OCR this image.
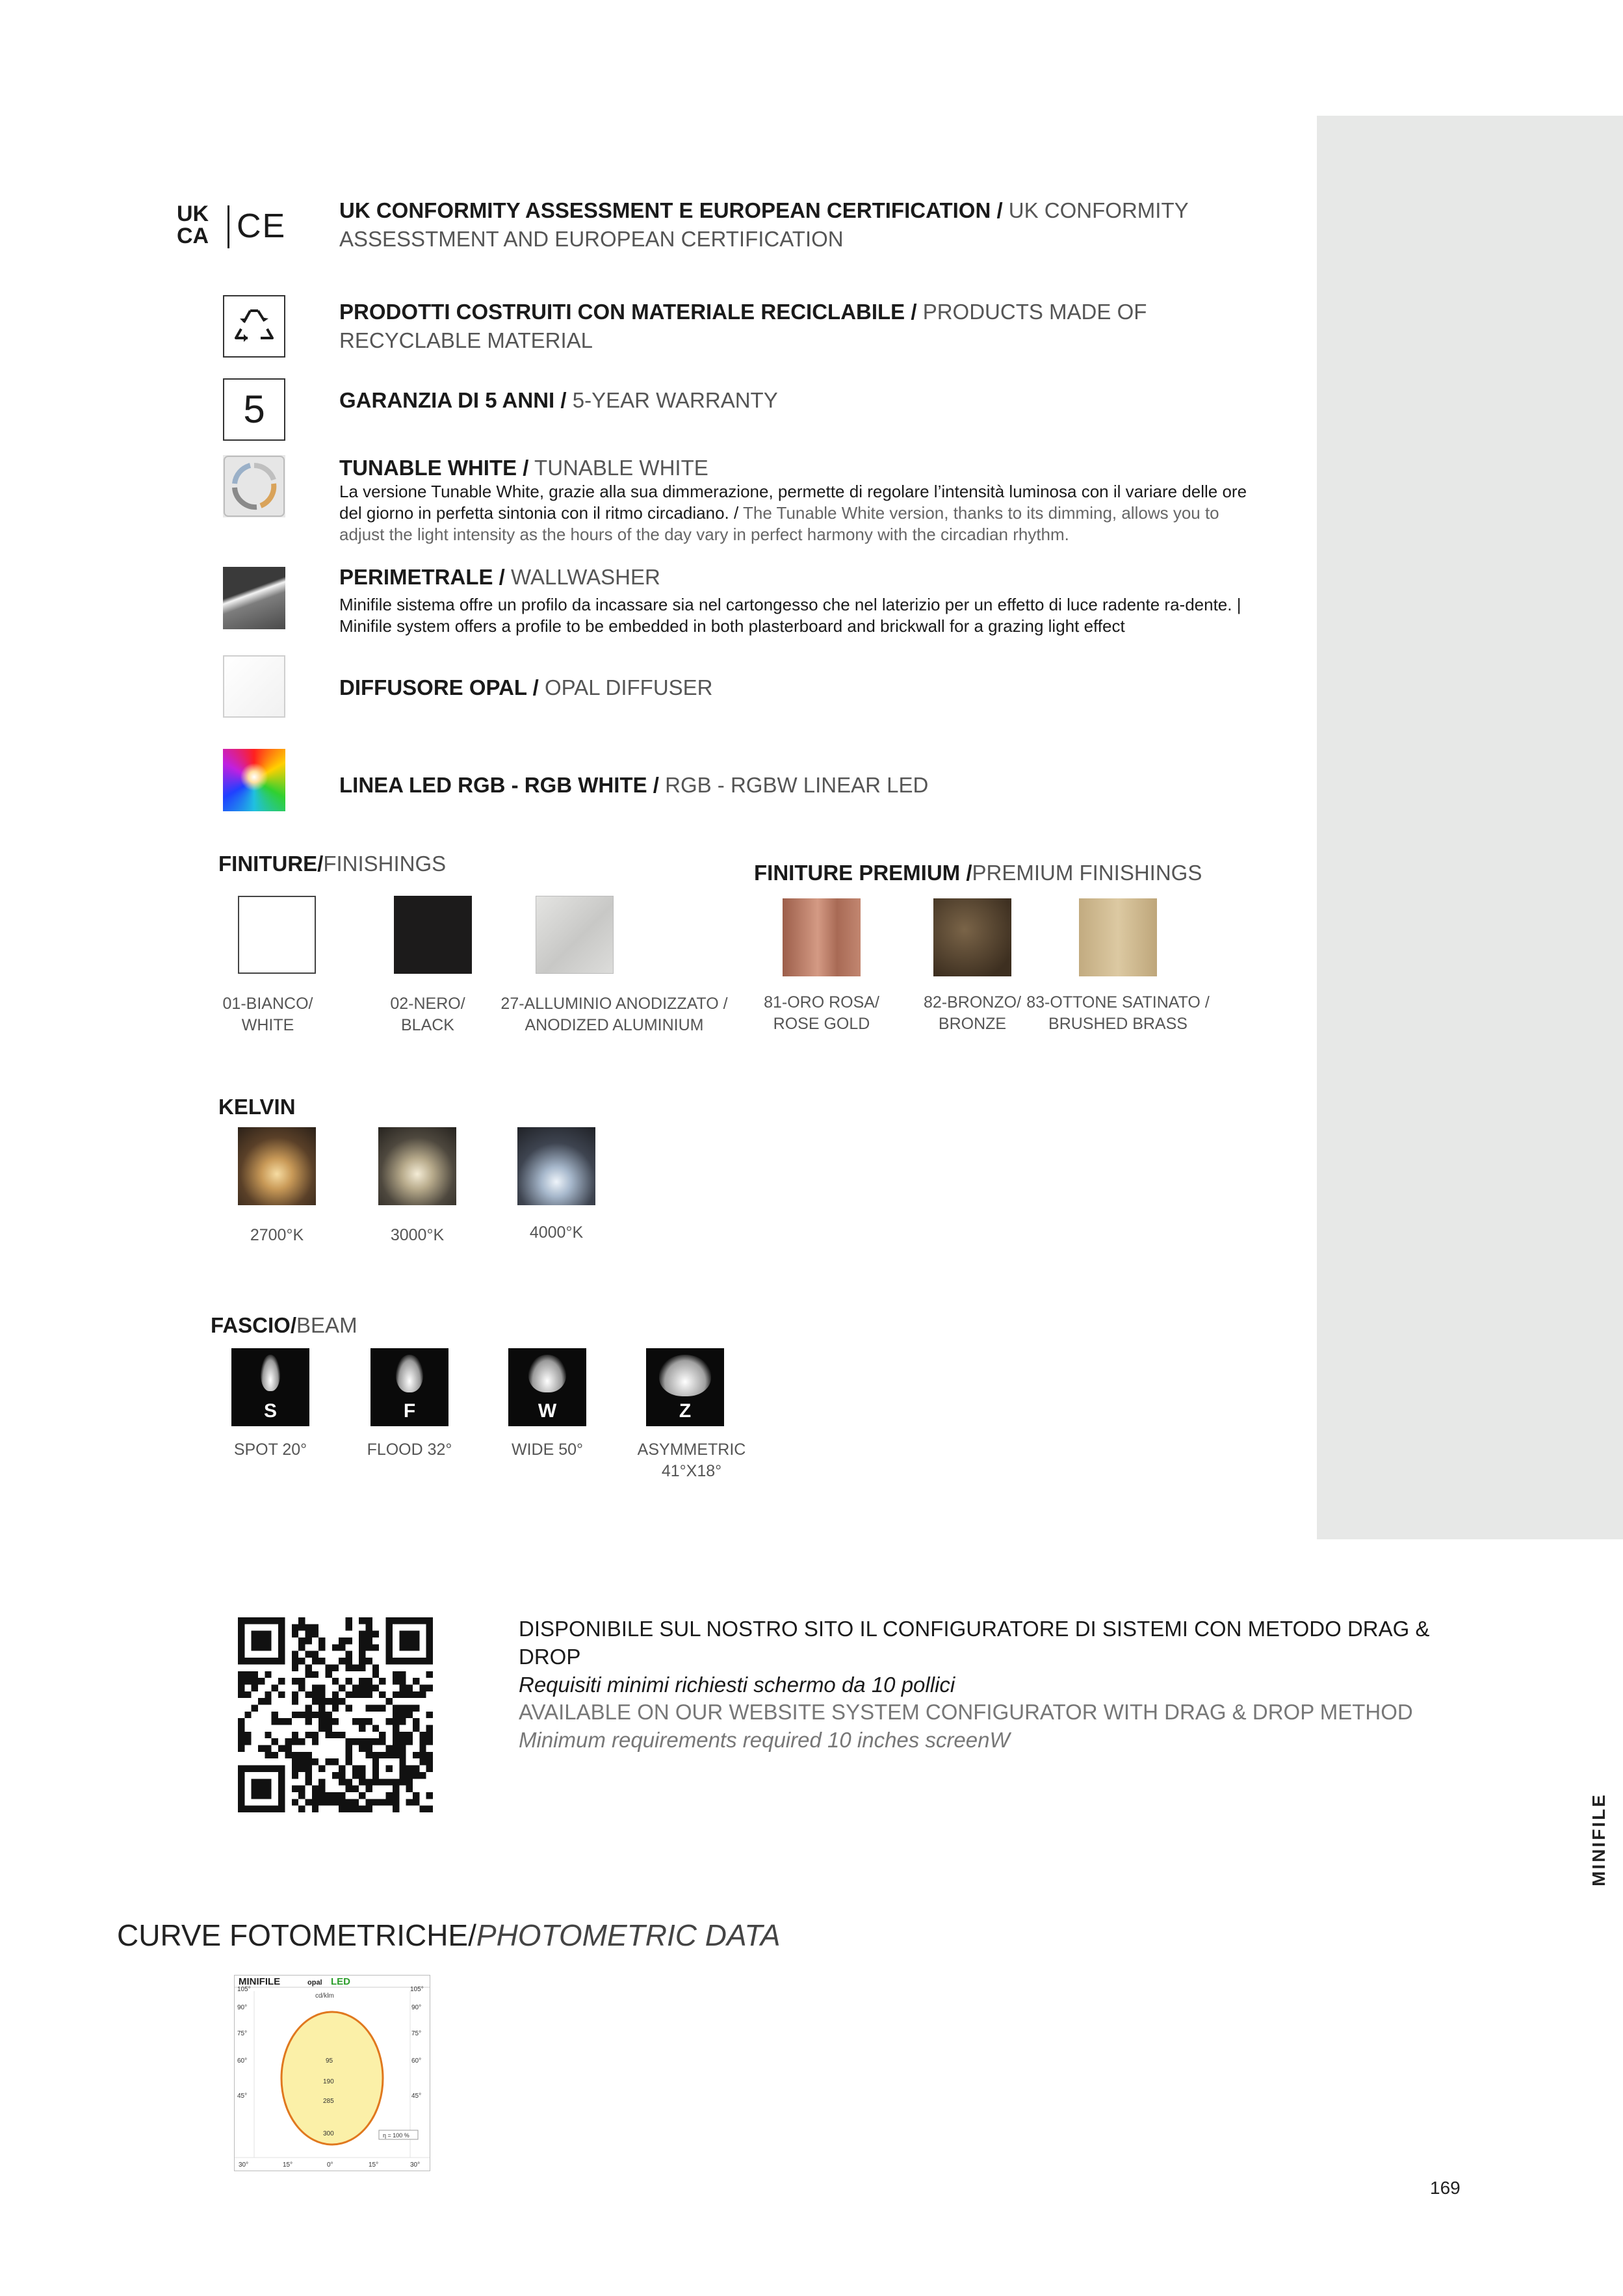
MINIFILE
169
UK
CA CE UK CONFORMITY ASSESSMENT E EUROPEAN CERTIFICATION / UK CONFORMITY
ASSESSTMENT AND EUROPEAN CERTIFICATION
PRODOTTI COSTRUITI CON MATERIALE RECICLABILE / PRODUCTS MADE OF
RECYCLABLE MATERIAL
5	GARANZIA DI 5 ANNI / 5-YEAR WARRANTY
TUNABLE WHITE / TUNABLE WHITE
La versione Tunable White, grazie alla sua dimmerazione, permette di regolare l’intensità luminosa con il variare delle ore del giorno in perfetta sintonia con il ritmo circadiano. / The Tunable White version, thanks to its dimming, allows you to adjust the light intensity as the hours of the day vary in perfect harmony with the circadian rhythm.
PERIMETRALE / WALLWASHER
Minifile sistema offre un profilo da incassare sia nel cartongesso che nel laterizio per un effetto di luce radente ra-dente. | Minifile system offers a profile to be embedded in both plasterboard and brickwall for a grazing light effect
DIFFUSORE OPAL / OPAL DIFFUSER
LINEA LED RGB - RGB WHITE / RGB - RGBW LINEAR LED
FINITURE/FINISHINGS
01-BIANCO/
WHITE
02-NERO/
BLACK
27-ALLUMINIO ANODIZZATO /
ANODIZED ALUMINIUM
FINITURE PREMIUM /PREMIUM FINISHINGS
81-ORO ROSA/
ROSE GOLD
82-BRONZO/
BRONZE
83-OTTONE SATINATO /
BRUSHED BRASS
KELVIN
2700°K	3000°K	4000°K
FASCIO/BEAM
S	F	W	Z
SPOT 20°	FLOOD 32°	WIDE 50°	ASYMMETRIC
41°X18°
DISPONIBILE SUL NOSTRO SITO IL CONFIGURATORE DI SISTEMI CON METODO DRAG & DROP
Requisiti minimi richiesti schermo da 10 pollici
AVAILABLE ON OUR WEBSITE SYSTEM CONFIGURATOR WITH DRAG & DROP METHOD
Minimum requirements required 10 inches screenW
CURVE FOTOMETRICHE/PHOTOMETRIC DATA
MINIFILE	opal LED
cd/klm
105°
90°
75°
60°
45°
105°
90°
75°
60°
45°
30°	15°	0°	15°	30°
95
190
285
300	η = 100 %
